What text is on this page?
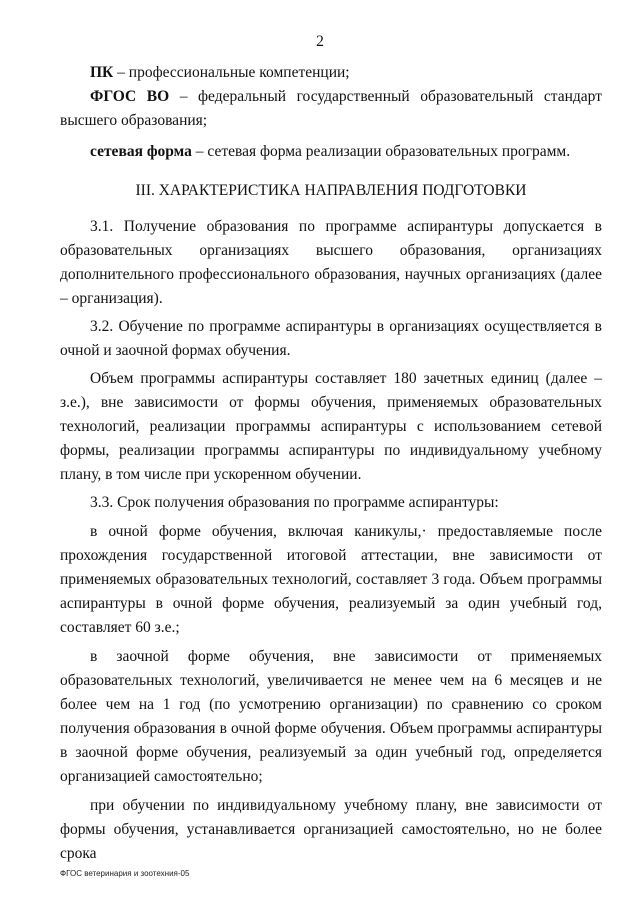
2

ПК – профессиональные компетенции;

ФГОС ВО – федеральный государственный образовательный стандарт высшего образования;

сетевая форма – сетевая форма реализации образовательных программ.

III. ХАРАКТЕРИСТИКА НАПРАВЛЕНИЯ ПОДГОТОВКИ

3.1. Получение образования по программе аспирантуры допускается в образовательных организациях высшего образования, организациях дополнительного профессионального образования, научных организациях (далее – организация).

3.2. Обучение по программе аспирантуры в организациях осуществляется в очной и заочной формах обучения.

Объем программы аспирантуры составляет 180 зачетных единиц (далее – з.е.), вне зависимости от формы обучения, применяемых образовательных технологий, реализации программы аспирантуры с использованием сетевой формы, реализации программы аспирантуры по индивидуальному учебному плану, в том числе при ускоренном обучении.

3.3. Срок получения образования по программе аспирантуры:

в очной форме обучения, включая каникулы,· предоставляемые после прохождения государственной итоговой аттестации, вне зависимости от применяемых образовательных технологий, составляет 3 года. Объем программы аспирантуры в очной форме обучения, реализуемый за один учебный год, составляет 60 з.е.;

в заочной форме обучения, вне зависимости от применяемых образовательных технологий, увеличивается не менее чем на 6 месяцев и не более чем на 1 год (по усмотрению организации) по сравнению со сроком получения образования в очной форме обучения. Объем программы аспирантуры в заочной форме обучения, реализуемый за один учебный год, определяется организацией самостоятельно;

при обучении по индивидуальному учебному плану, вне зависимости от формы обучения, устанавливается организацией самостоятельно, но не более срока

ФГОС ветеринария и зоотехния-05
